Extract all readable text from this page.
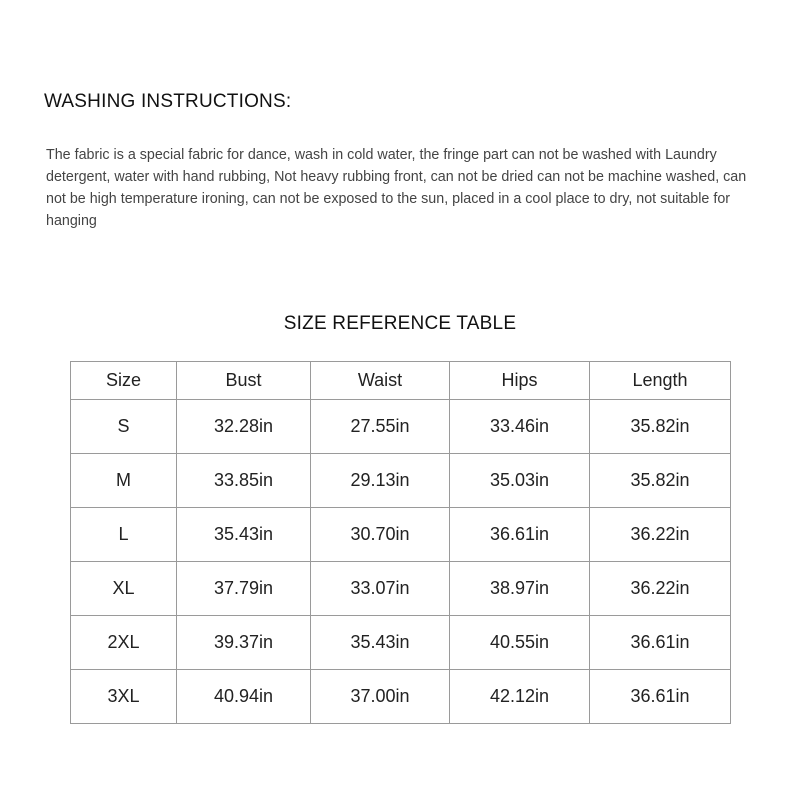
WASHING INSTRUCTIONS:
The fabric is a special fabric for dance, wash in cold water, the fringe part can not be washed with Laundry detergent, water with hand rubbing, Not heavy rubbing front, can not be dried can not be machine washed, can not be high temperature ironing, can not be exposed to the sun, placed in a cool place to dry, not suitable for hanging
SIZE REFERENCE TABLE
Size	Bust	Waist	Hips	Length
S	32.28in	27.55in	33.46in	35.82in
M	33.85in	29.13in	35.03in	35.82in
L	35.43in	30.70in	36.61in	36.22in
XL	37.79in	33.07in	38.97in	36.22in
2XL	39.37in	35.43in	40.55in	36.61in
3XL	40.94in	37.00in	42.12in	36.61in
